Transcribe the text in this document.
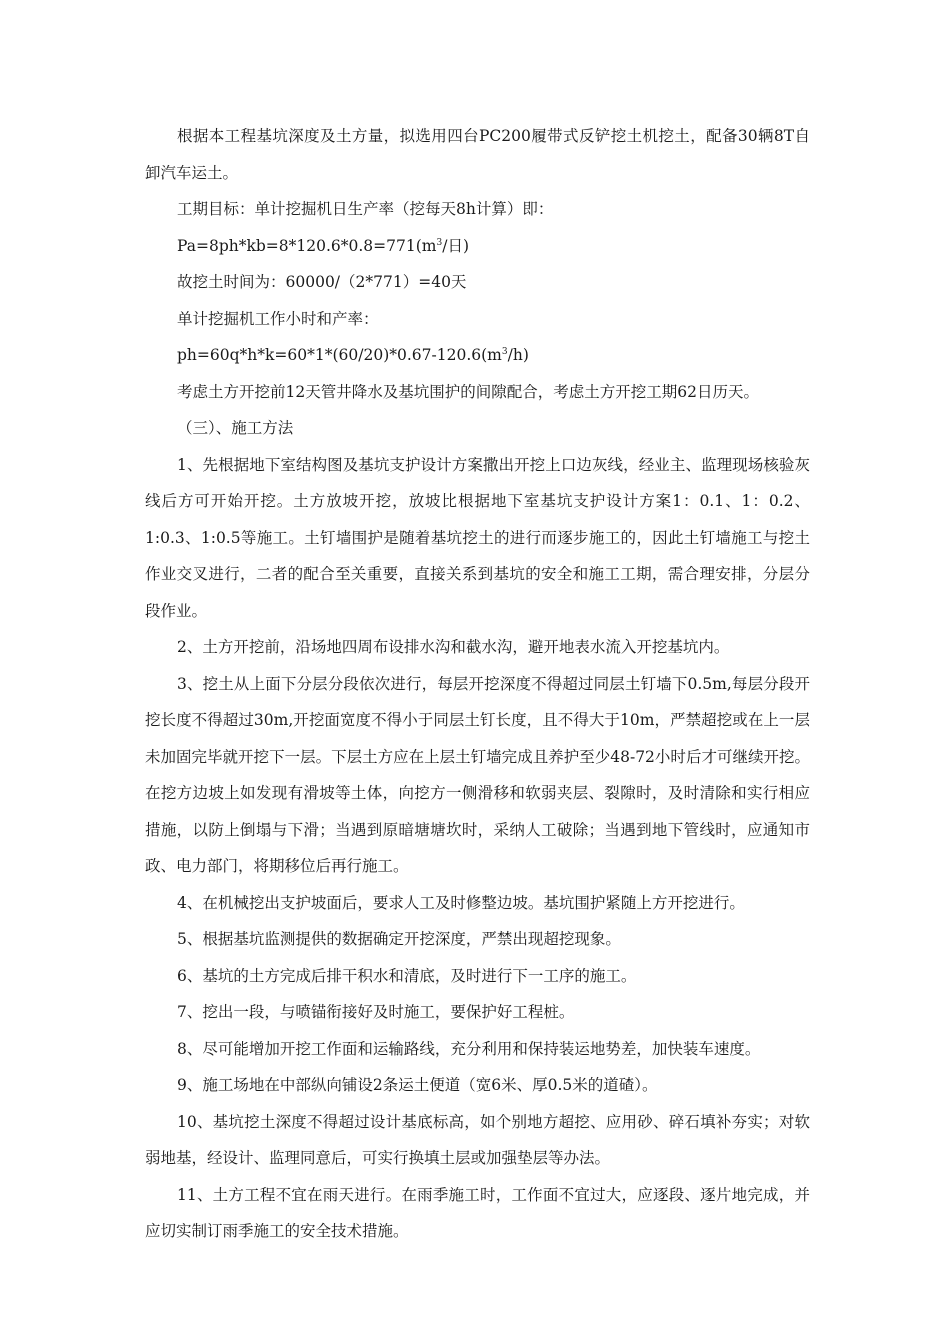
根据本工程基坑深度及土方量，拟选用四台PC200履带式反铲挖土机挖土，配备30辆8T自卸汽车运土。

工期目标：单计挖掘机日生产率（挖每天8h计算）即：

$Pa=8ph*kb=8*120.6*0.8=771(m^3/$日)

故挖土时间为：60000/（2*771）=40天

单计挖掘机工作小时和产率：

$ph=60q*h*k=60*1*(60/20)*0.67-120.6(m^3/h)$

考虑土方开挖前12天管井降水及基坑围护的间隙配合，考虑土方开挖工期62日历天。

（三）、施工方法

1、先根据地下室结构图及基坑支护设计方案撒出开挖上口边灰线，经业主、监理现场核验灰线后方可开始开挖。土方放坡开挖，放坡比根据地下室基坑支护设计方案1：0.1、1：0.2、1:0.3、1:0.5等施工。土钉墙围护是随着基坑挖土的进行而逐步施工的，因此土钉墙施工与挖土作业交叉进行，二者的配合至关重要，直接关系到基坑的安全和施工工期，需合理安排，分层分段作业。

2、土方开挖前，沿场地四周布设排水沟和截水沟，避开地表水流入开挖基坑内。

3、挖土从上面下分层分段依次进行，每层开挖深度不得超过同层土钉墙下0.5m,每层分段开挖长度不得超过30m,开挖面宽度不得小于同层土钉长度，且不得大于10m，严禁超挖或在上一层未加固完毕就开挖下一层。下层土方应在上层土钉墙完成且养护至少48-72小时后才可继续开挖。在挖方边坡上如发现有滑坡等土体，向挖方一侧滑移和软弱夹层、裂隙时，及时清除和实行相应措施，以防上倒塌与下滑；当遇到原暗塘塘坎时，采纳人工破除；当遇到地下管线时，应通知市政、电力部门，将期移位后再行施工。

4、在机械挖出支护坡面后，要求人工及时修整边坡。基坑围护紧随上方开挖进行。

5、根据基坑监测提供的数据确定开挖深度，严禁出现超挖现象。

6、基坑的土方完成后排干积水和清底，及时进行下一工序的施工。

7、挖出一段，与喷锚衔接好及时施工，要保护好工程桩。

8、尽可能增加开挖工作面和运输路线，充分利用和保持装运地势差，加快装车速度。

9、施工场地在中部纵向铺设2条运土便道（宽6米、厚0.5米的道碴）。

10、基坑挖土深度不得超过设计基底标高，如个别地方超挖、应用砂、碎石填补夯实；对软弱地基，经设计、监理同意后，可实行换填土层或加强垫层等办法。

11、土方工程不宜在雨天进行。在雨季施工时，工作面不宜过大，应逐段、逐片地完成，并应切实制订雨季施工的安全技术措施。
